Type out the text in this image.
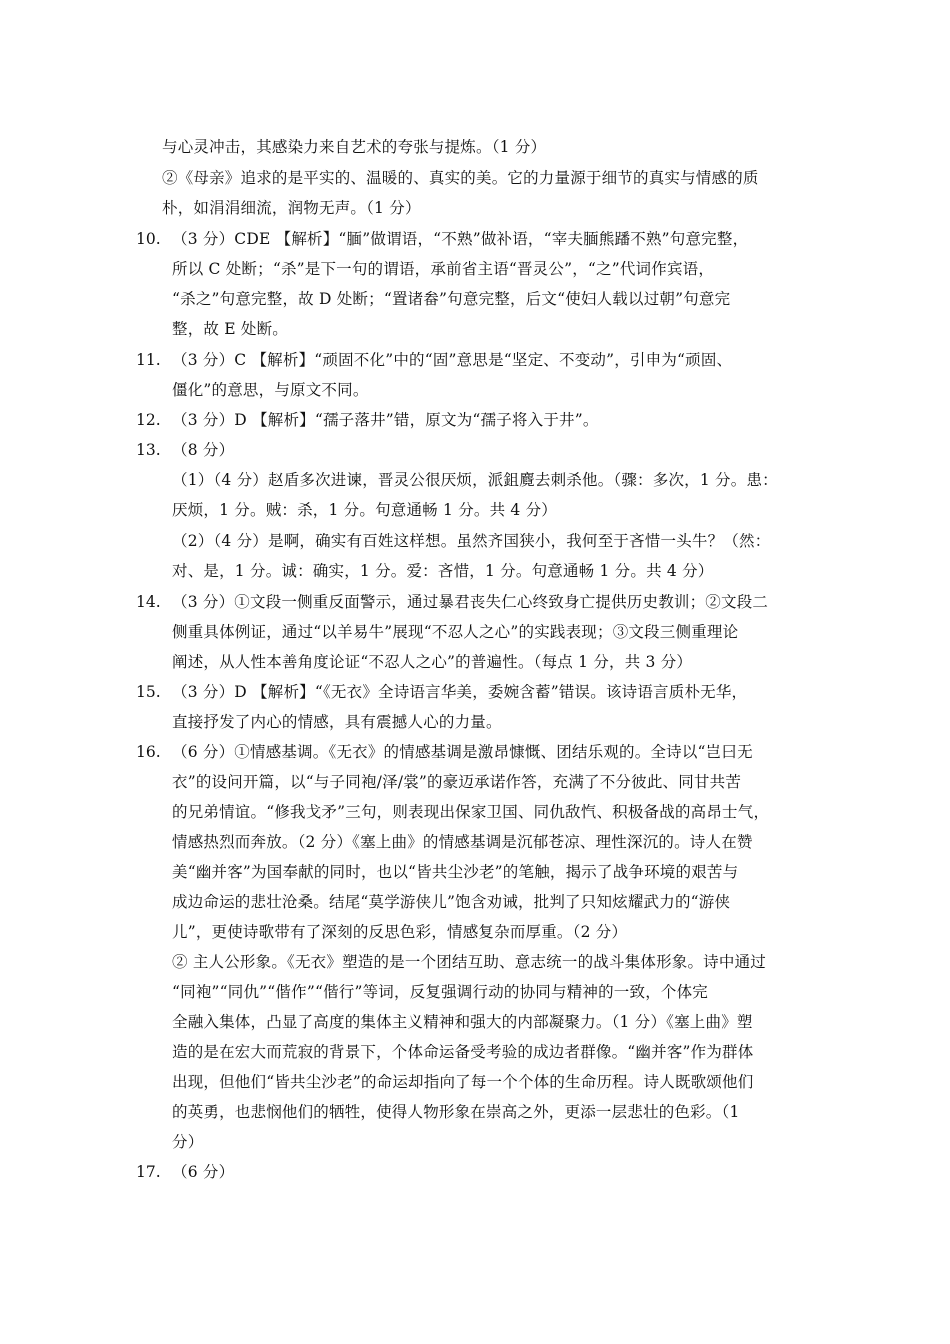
与心灵冲击，其感染力来自艺术的夸张与提炼。（1 分）
②《母亲》追求的是平实的、温暖的、真实的美。它的力量源于细节的真实与情感的质
朴，如涓涓细流，润物无声。（1 分）
10. （3 分）CDE 【解析】“腼”做谓语，“不熟”做补语，“宰夫腼熊蹯不熟”句意完整，
所以 C 处断；“杀”是下一句的谓语，承前省主语“晋灵公”，“之”代词作宾语，
“杀之”句意完整，故 D 处断；“置诸畚”句意完整，后文“使妇人载以过朝”句意完
整，故 E 处断。
11. （3 分）C 【解析】“顽固不化”中的“固”意思是“坚定、不变动”，引申为“顽固、
僵化”的意思，与原文不同。
12. （3 分）D 【解析】“孺子落井”错，原文为“孺子将入于井”。
13. （8 分）
（1）（4 分）赵盾多次进谏，晋灵公很厌烦，派鉏麑去刺杀他。（骤：多次，1 分。患：
厌烦，1 分。贼：杀，1 分。句意通畅 1 分。共 4 分）
（2）（4 分）是啊，确实有百姓这样想。虽然齐国狭小，我何至于吝惜一头牛？（然：
对、是，1 分。诚：确实，1 分。爱：吝惜，1 分。句意通畅 1 分。共 4 分）
14. （3 分）①文段一侧重反面警示，通过暴君丧失仁心终致身亡提供历史教训；②文段二
侧重具体例证，通过“以羊易牛”展现“不忍人之心”的实践表现；③文段三侧重理论
阐述，从人性本善角度论证“不忍人之心”的普遍性。（每点 1 分，共 3 分）
15. （3 分）D 【解析】“《无衣》全诗语言华美，委婉含蓄”错误。该诗语言质朴无华，
直接抒发了内心的情感，具有震撼人心的力量。
16. （6 分）①情感基调。《无衣》的情感基调是激昂慷慨、团结乐观的。全诗以“岂曰无
衣”的设问开篇，以“与子同袍/泽/裳”的豪迈承诺作答，充满了不分彼此、同甘共苦
的兄弟情谊。“修我戈矛”三句，则表现出保家卫国、同仇敌忾、积极备战的高昂士气，
情感热烈而奔放。（2 分）《塞上曲》的情感基调是沉郁苍凉、理性深沉的。诗人在赞
美“幽并客”为国奉献的同时，也以“皆共尘沙老”的笔触，揭示了战争环境的艰苦与
成边命运的悲壮沧桑。结尾“莫学游侠儿”饱含劝诫，批判了只知炫耀武力的“游侠
儿”，更使诗歌带有了深刻的反思色彩，情感复杂而厚重。（2 分）
② 主人公形象。《无衣》塑造的是一个团结互助、意志统一的战斗集体形象。诗中通过
“同袍”“同仇”“偕作”“偕行”等词，反复强调行动的协同与精神的一致，个体完
全融入集体，凸显了高度的集体主义精神和强大的内部凝聚力。（1 分）《塞上曲》塑
造的是在宏大而荒寂的背景下，个体命运备受考验的成边者群像。“幽并客”作为群体
出现，但他们“皆共尘沙老”的命运却指向了每一个个体的生命历程。诗人既歌颂他们
的英勇，也悲悯他们的牺牲，使得人物形象在崇高之外，更添一层悲壮的色彩。（1
分）
17. （6 分）
